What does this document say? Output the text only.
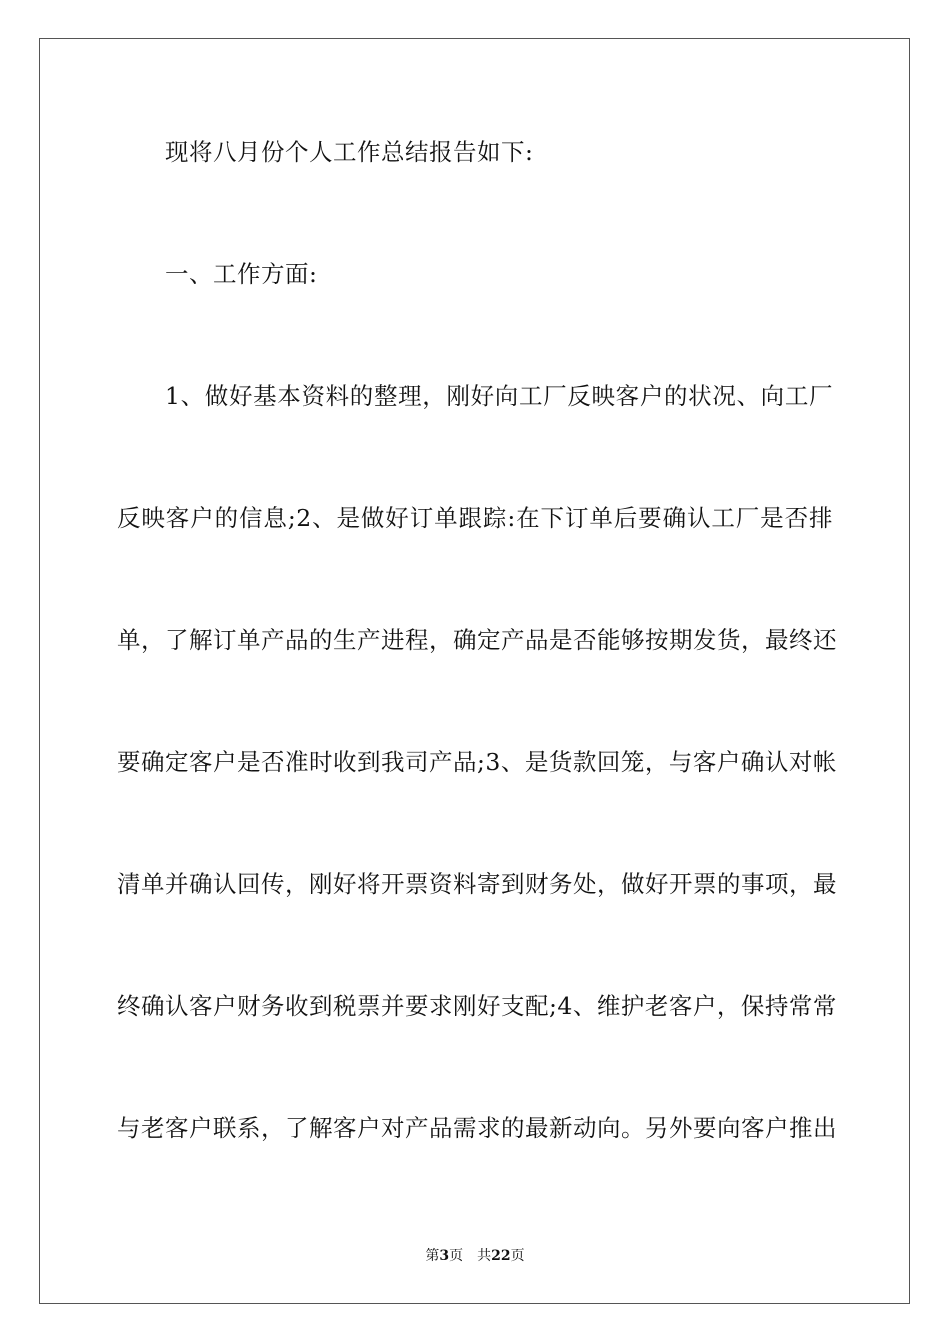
现将八月份个人工作总结报告如下:
一、工作方面:
1、做好基本资料的整理，刚好向工厂反映客户的状况、向工厂
反映客户的信息;2、是做好订单跟踪:在下订单后要确认工厂是否排
单，了解订单产品的生产进程，确定产品是否能够按期发货，最终还
要确定客户是否准时收到我司产品;3、是货款回笼，与客户确认对帐
清单并确认回传，刚好将开票资料寄到财务处，做好开票的事项，最
终确认客户财务收到税票并要求刚好支配;4、维护老客户，保持常常
与老客户联系，了解客户对产品需求的最新动向。另外要向客户推出
第3页 共22页
